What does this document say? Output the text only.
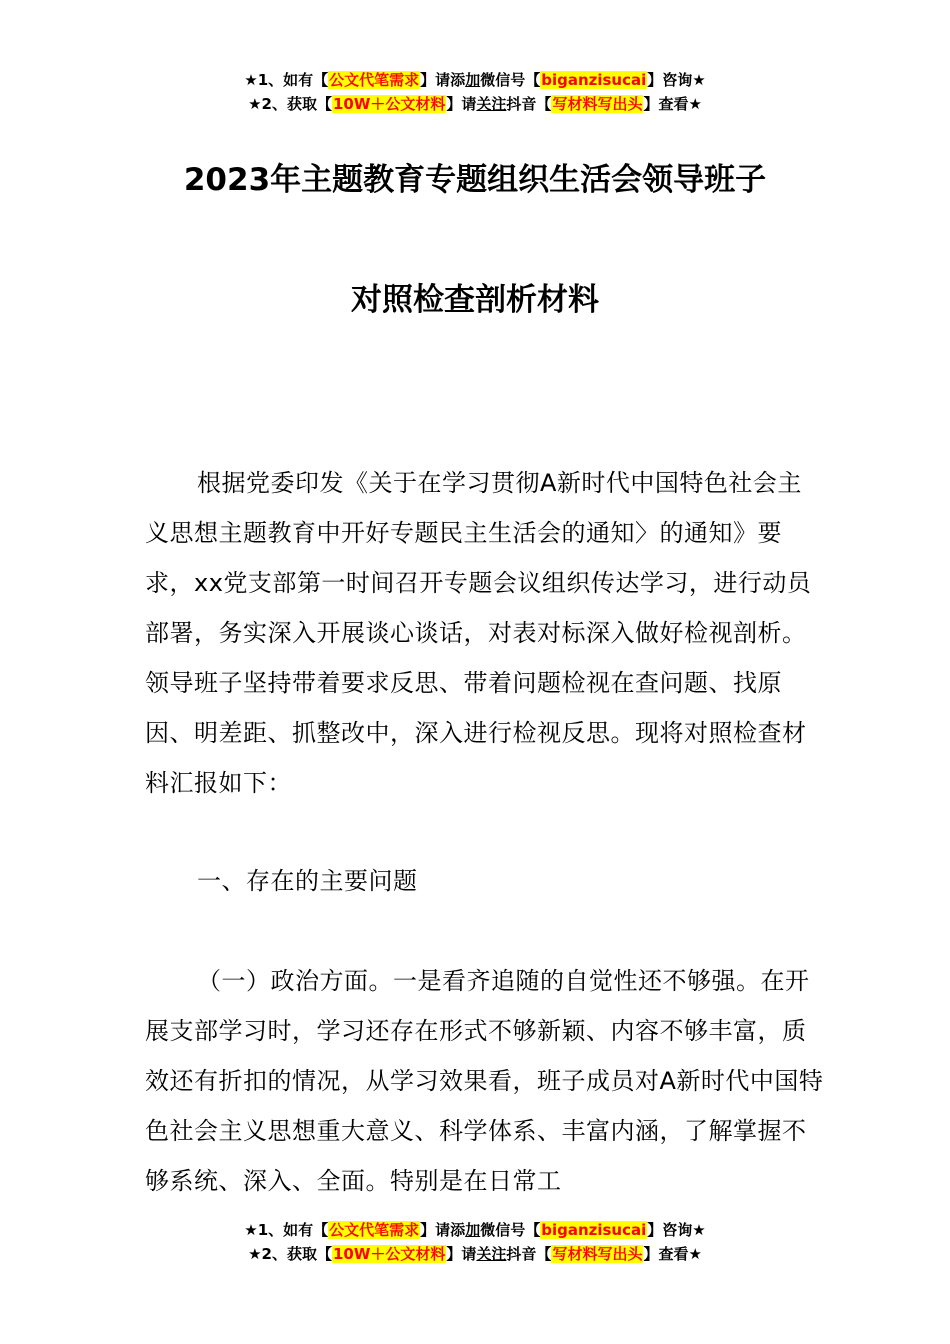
★1、如有【公文代笔需求】请添加微信号【biganzisucai】咨询★
★2、获取【10W＋公文材料】请关注抖音【写材料写出头】查看★
2023年主题教育专题组织生活会领导班子
对照检查剖析材料

根据党委印发《关于在学习贯彻A新时代中国特色社会主义思想主题教育中开好专题民主生活会的通知〉的通知》要求，xx党支部第一时间召开专题会议组织传达学习，进行动员部署，务实深入开展谈心谈话，对表对标深入做好检视剖析。领导班子坚持带着要求反思、带着问题检视在查问题、找原因、明差距、抓整改中，深入进行检视反思。现将对照检查材料汇报如下：

一、存在的主要问题

（一）政治方面。一是看齐追随的自觉性还不够强。在开展支部学习时，学习还存在形式不够新颖、内容不够丰富，质效还有折扣的情况，从学习效果看，班子成员对A新时代中国特色社会主义思想重大意义、科学体系、丰富内涵，了解掌握不够系统、深入、全面。特别是在日常工

★1、如有【公文代笔需求】请添加微信号【biganzisucai】咨询★
★2、获取【10W＋公文材料】请关注抖音【写材料写出头】查看★
